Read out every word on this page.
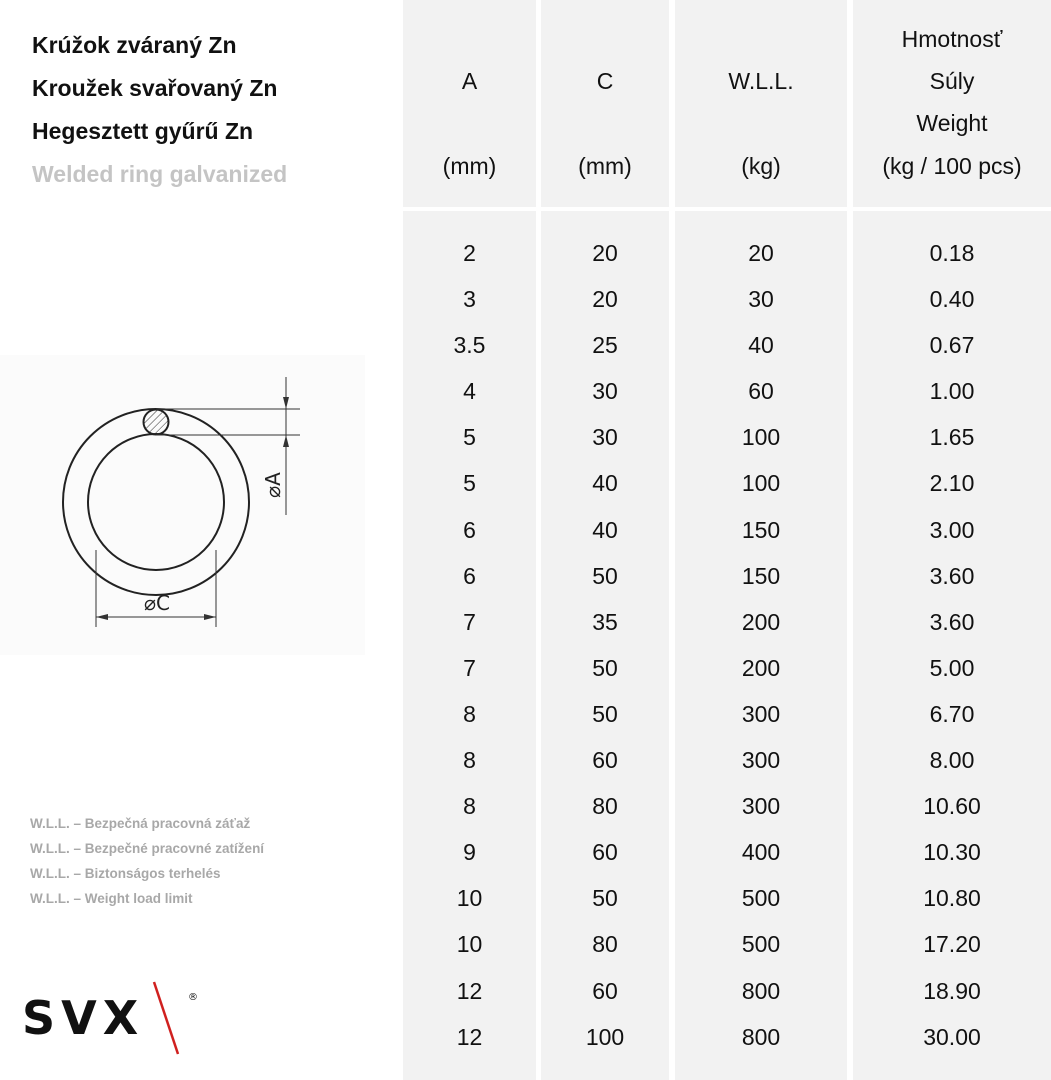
Krúžok zváraný Zn
Kroužek svařovaný Zn
Hegesztett gyűrű Zn
Welded ring galvanized
A
(mm)
2
3
3.5
4
5
5
6
6
7
7
8
8
8
9
10
10
12
12
C
(mm)
20
20
25
30
30
40
40
50
35
50
50
60
80
60
50
80
60
100
W.L.L.
(kg)
20
30
40
60
100
100
150
150
200
200
300
300
300
400
500
500
800
800
Hmotnosť
Súly
Weight
(kg / 100 pcs)
0.18
0.40
0.67
1.00
1.65
2.10
3.00
3.60
3.60
5.00
6.70
8.00
10.60
10.30
10.80
17.20
18.90
30.00
⌀A
⌀C
W.L.L. – Bezpečná pracovná záťaž
W.L.L. – Bezpečné pracovné zatížení
W.L.L. – Biztonságos terhelés
W.L.L. – Weight load limit
SVX	®
